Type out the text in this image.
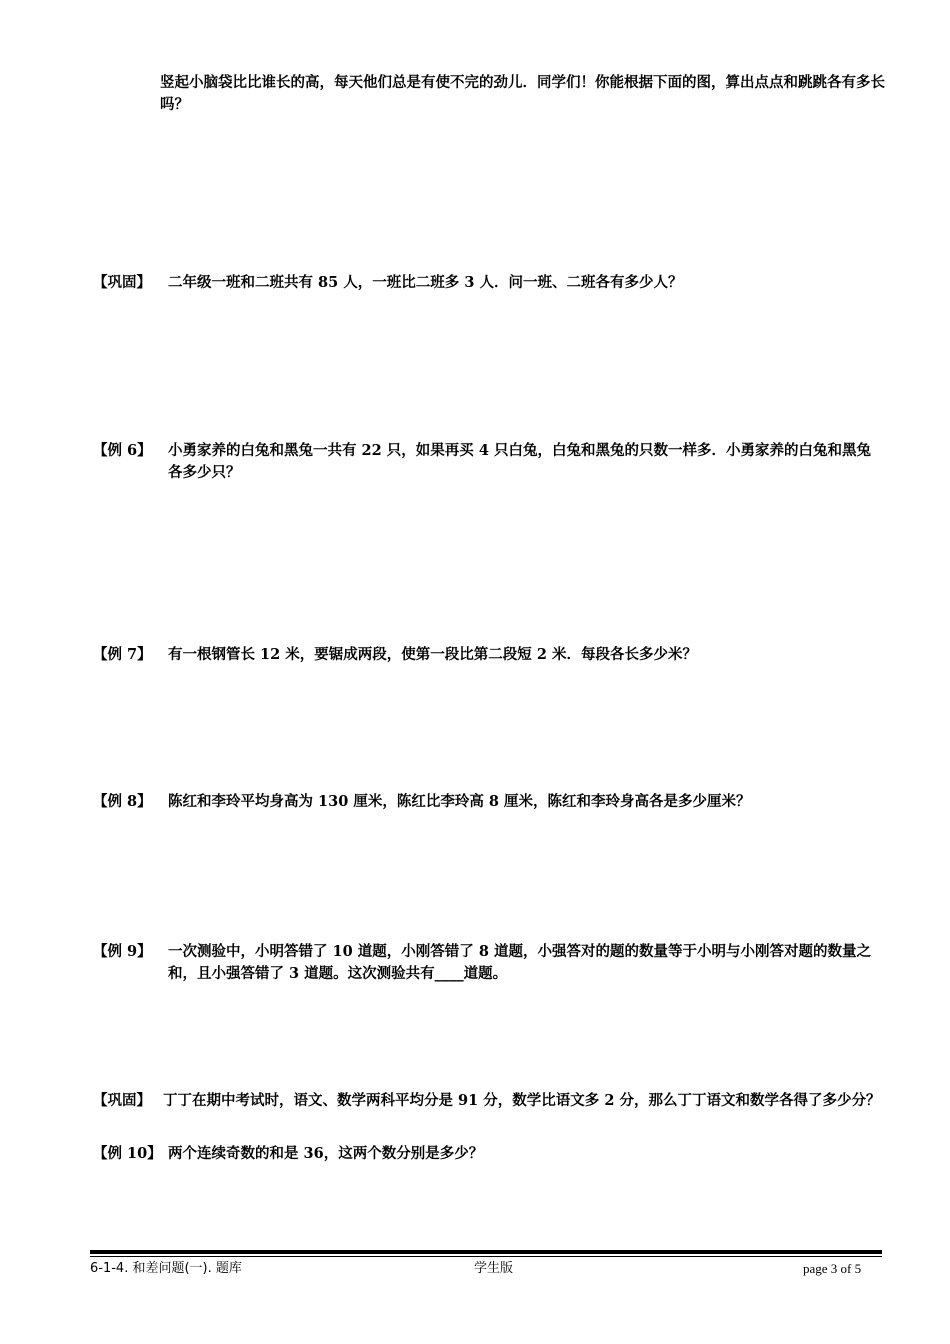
竖起小脑袋比比谁长的高，每天他们总是有使不完的劲儿．同学们！你能根据下面的图，算出点点和跳跳各有多长吗？
【巩固】 二年级一班和二班共有 85 人，一班比二班多 3 人．问一班、二班各有多少人？
【例 6】 小勇家养的白兔和黑兔一共有 22 只，如果再买 4 只白兔，白兔和黑兔的只数一样多．小勇家养的白兔和黑兔各多少只？
【例 7】 有一根钢管长 12 米，要锯成两段，使第一段比第二段短 2 米．每段各长多少米？
【例 8】 陈红和李玲平均身高为 130 厘米，陈红比李玲高 8 厘米，陈红和李玲身高各是多少厘米？
【例 9】 一次测验中，小明答错了 10 道题，小刚答错了 8 道题，小强答对的题的数量等于小明与小刚答对题的数量之和，且小强答错了 3 道题。这次测验共有____道题。
【巩固】 丁丁在期中考试时，语文、数学两科平均分是 91 分，数学比语文多 2 分，那么丁丁语文和数学各得了多少分？
【例 10】 两个连续奇数的和是 36，这两个数分别是多少？
6-1-4. 和差问题(一). 题库	学生版	page 3 of 5
